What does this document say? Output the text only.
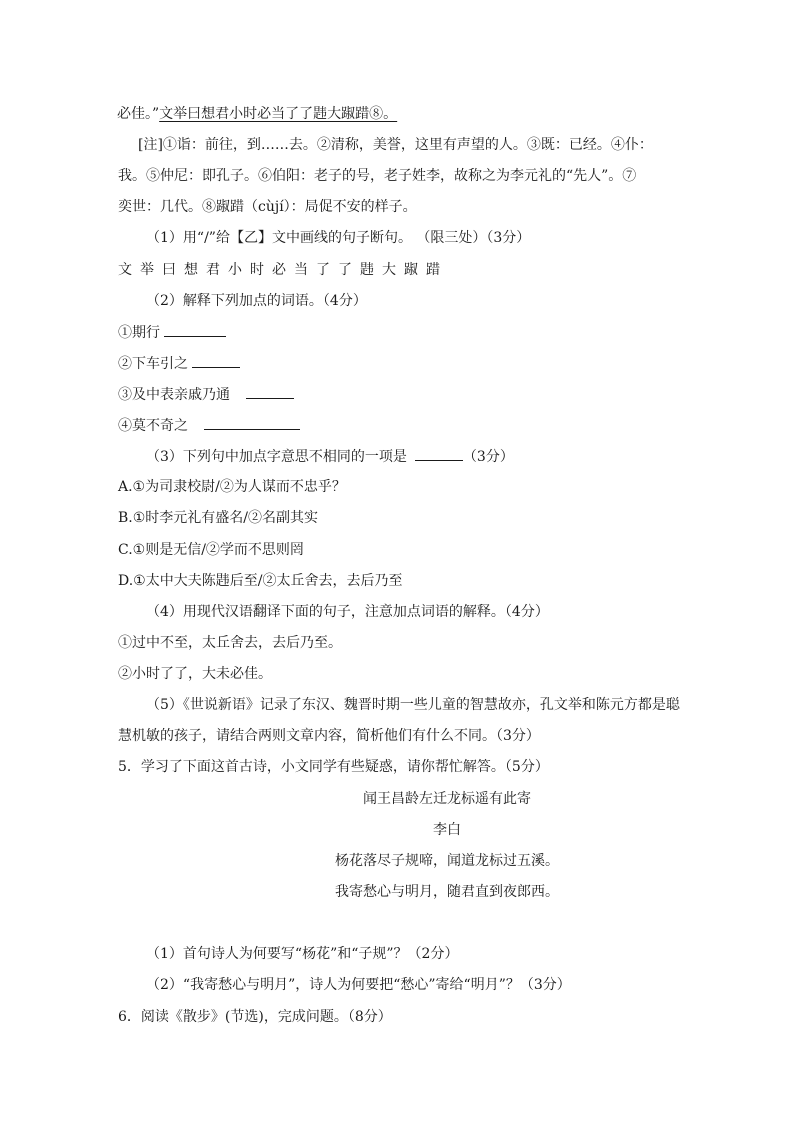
必佳。”文举曰想君小时必当了了韪大踧踖⑧。
[注]①诣：前往，到……去。②清称，美誉，这里有声望的人。③既：已经。④仆：
我。⑤仲尼：即孔子。⑥伯阳：老子的号，老子姓李，故称之为李元礼的“先人”。⑦
奕世：几代。⑧踧踖（cùjí）：局促不安的样子。
（1）用“/”给【乙】文中画线的句子断句。 （限三处）（3分）
文举曰想君小时必当了了韪大踧踖
（2）解释下列加点的词语。（4分）
①期行
②下车引之
③及中表亲戚乃通
④莫不奇之
（3）下列句中加点字意思不相同的一项是	（3分）
A.①为司隶校尉/②为人谋而不忠乎？
B.①时李元礼有盛名/②名副其实
C.①则是无信/②学而不思则罔
D.①太中大夫陈韪后至/②太丘舍去，去后乃至
（4）用现代汉语翻译下面的句子，注意加点词语的解释。（4分）
①过中不至，太丘舍去，去后乃至。
②小时了了，大未必佳。
（5）《世说新语》记录了东汉、魏晋时期一些儿童的智慧故亦，孔文举和陈元方都是聪
慧机敏的孩子，请结合两则文章内容，简析他们有什么不同。（3分）
5．学习了下面这首古诗，小文同学有些疑惑，请你帮忙解答。（5分）
闻王昌龄左迁龙标遥有此寄
李白
杨花落尽子规啼，闻道龙标过五溪。
我寄愁心与明月，随君直到夜郎西。
（1）首句诗人为何要写“杨花”和“子规”？（2分）
（2）“我寄愁心与明月”，诗人为何要把“愁心”寄给“明月”？（3分）
6．阅读《散步》(节选)，完成问题。（8分）
